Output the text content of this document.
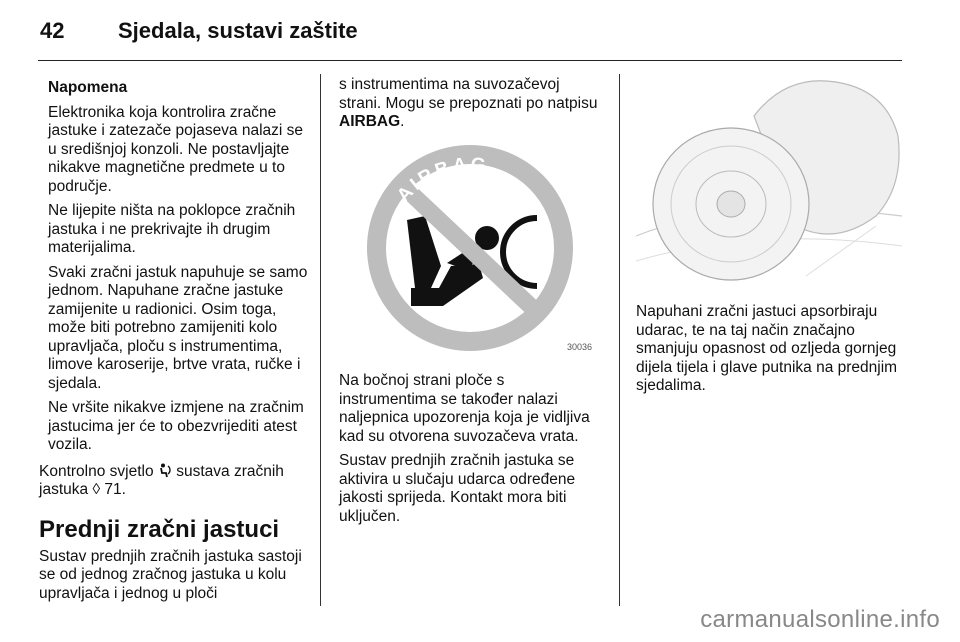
42 Sjedala, sustavi zaštite

Napomena

Elektronika koja kontrolira zračne jastuke i zatezače pojaseva nalazi se u središnjoj konzoli. Ne postavljajte nikakve magnetične predmete u to područje.

Ne lijepite ništa na poklopce zračnih jastuka i ne prekrivajte ih drugim materijalima.

Svaki zračni jastuk napuhuje se samo jednom. Napuhane zračne jastuke zamijenite u radionici. Osim toga, može biti potrebno zamijeniti kolo upravljača, ploču s instrumentima, limove karoserije, brtve vrata, ručke i sjedala.

Ne vršite nikakve izmjene na zračnim jastucima jer će to obezvrijediti atest vozila.

Kontrolno svjetlo sustava zračnih jastuka ◊ 71.

Prednji zračni jastuci

Sustav prednjih zračnih jastuka sastoji se od jednog zračnog jastuka u kolu upravljača i jednog u ploči

s instrumentima na suvozačevoj strani. Mogu se prepoznati po natpisu AIRBAG.

AIRBAG
30036

Na bočnoj strani ploče s instrumentima se također nalazi naljepnica upozorenja koja je vidljiva kad su otvorena suvozačeva vrata.

Sustav prednjih zračnih jastuka se aktivira u slučaju udarca određene jakosti sprijeda. Kontakt mora biti uključen.

Napuhani zračni jastuci apsorbiraju udarac, te na taj način značajno smanjuju opasnost od ozljeda gornjeg dijela tijela i glave putnika na prednjim sjedalima.

carmanualsonline.info
